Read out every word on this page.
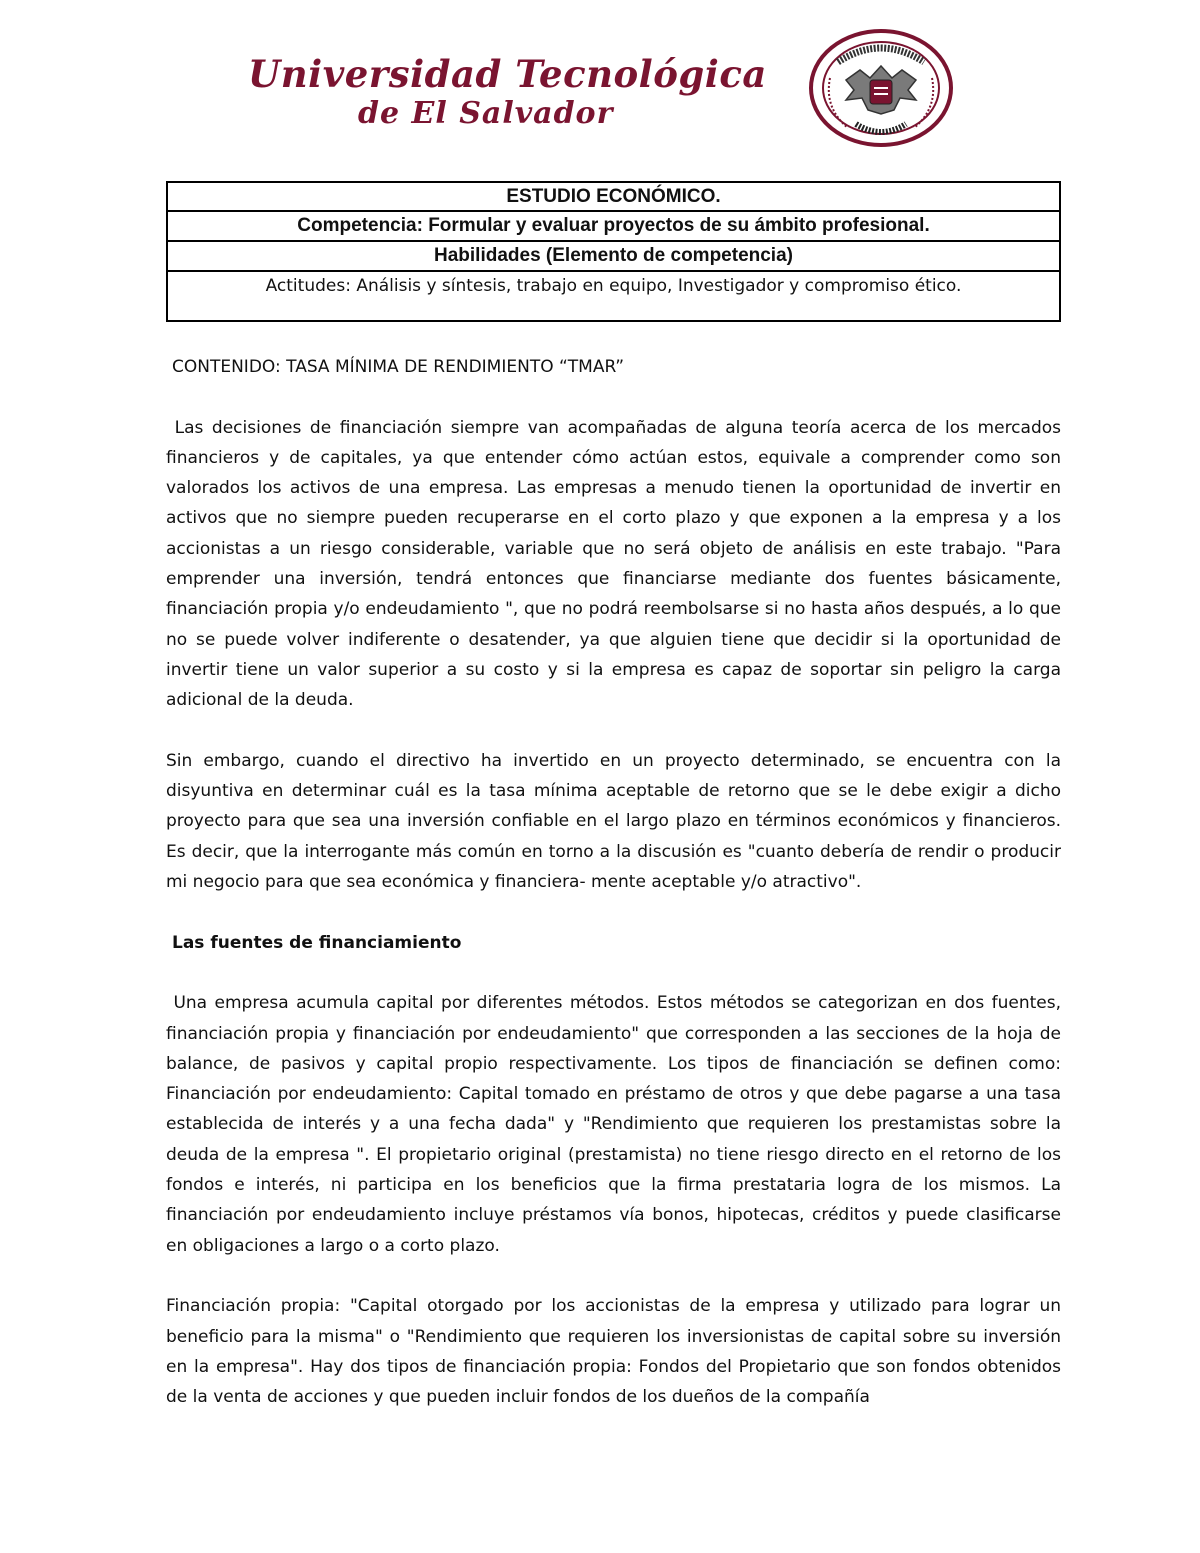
Universidad Tecnológica
de El Salvador
ESTUDIO ECONÓMICO.
Competencia: Formular y evaluar proyectos de su ámbito profesional.
Habilidades (Elemento de competencia)
Actitudes: Análisis y síntesis, trabajo en equipo, Investigador y compromiso ético.

CONTENIDO: TASA MÍNIMA DE RENDIMIENTO “TMAR”

Las decisiones de financiación siempre van acompañadas de alguna teoría acerca de los mercados financieros y de capitales, ya que entender cómo actúan estos, equivale a comprender como son valorados los activos de una empresa. Las empresas a menudo tienen la oportunidad de invertir en activos que no siempre pueden recuperarse en el corto plazo y que exponen a la empresa y a los accionistas a un riesgo considerable, variable que no será objeto de análisis en este trabajo. "Para emprender una inversión, tendrá entonces que financiarse mediante dos fuentes básicamente, financiación propia y/o endeudamiento ", que no podrá reembolsarse si no hasta años después, a lo que no se puede volver indiferente o desatender, ya que alguien tiene que decidir si la oportunidad de invertir tiene un valor superior a su costo y si la empresa es capaz de soportar sin peligro la carga adicional de la deuda.

Sin embargo, cuando el directivo ha invertido en un proyecto determinado, se encuentra con la disyuntiva en determinar cuál es la tasa mínima aceptable de retorno que se le debe exigir a dicho proyecto para que sea una inversión confiable en el largo plazo en términos económicos y financieros. Es decir, que la interrogante más común en torno a la discusión es "cuanto debería de rendir o producir mi negocio para que sea económica y financiera- mente aceptable y/o atractivo".

Las fuentes de financiamiento

Una empresa acumula capital por diferentes métodos. Estos métodos se categorizan en dos fuentes, financiación propia y financiación por endeudamiento" que corresponden a las secciones de la hoja de balance, de pasivos y capital propio respectivamente. Los tipos de financiación se definen como: Financiación por endeudamiento: Capital tomado en préstamo de otros y que debe pagarse a una tasa establecida de interés y a una fecha dada" y "Rendimiento que requieren los prestamistas sobre la deuda de la empresa ". El propietario original (prestamista) no tiene riesgo directo en el retorno de los fondos e interés, ni participa en los beneficios que la firma prestataria logra de los mismos. La financiación por endeudamiento incluye préstamos vía bonos, hipotecas, créditos y puede clasificarse en obligaciones a largo o a corto plazo.

Financiación propia: "Capital otorgado por los accionistas de la empresa y utilizado para lograr un beneficio para la misma" o "Rendimiento que requieren los inversionistas de capital sobre su inversión en la empresa". Hay dos tipos de financiación propia: Fondos del Propietario que son fondos obtenidos de la venta de acciones y que pueden incluir fondos de los dueños de la compañía
